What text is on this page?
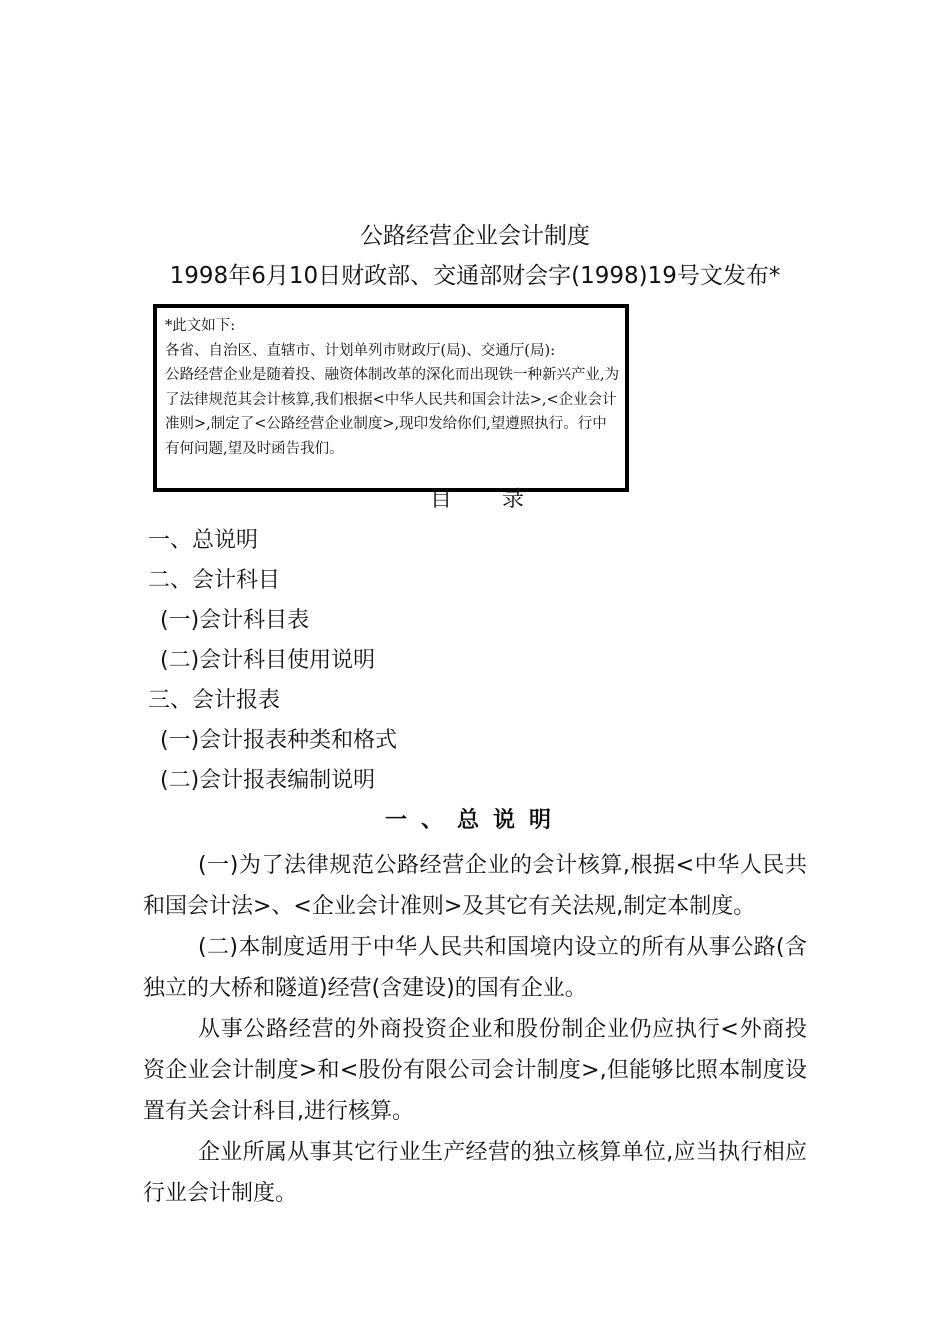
公路经营企业会计制度
1998年6月10日财政部、交通部财会字(1998)19号文发布*

*此文如下:

各省、自治区、直辖市、计划单列市财政厅(局)、交通厅(局):

公路经营企业是随着投、融资体制改革的深化而出现铁一种新兴产业,为了法律规范其会计核算,我们根据<中华人民共和国会计法>,<企业会计准则>,制定了<公路经营企业制度>,现印发给你们,望遵照执行。行中有何问题,望及时函告我们。

目录
一、总说明
二、会计科目
(一)会计科目表
(二)会计科目使用说明
三、会计报表
(一)会计报表种类和格式
(二)会计报表编制说明
一、总说明

(一)为了法律规范公路经营企业的会计核算,根据<中华人民共和国会计法>、<企业会计准则>及其它有关法规,制定本制度。

(二)本制度适用于中华人民共和国境内设立的所有从事公路(含独立的大桥和隧道)经营(含建设)的国有企业。

从事公路经营的外商投资企业和股份制企业仍应执行<外商投资企业会计制度>和<股份有限公司会计制度>,但能够比照本制度设置有关会计科目,进行核算。

企业所属从事其它行业生产经营的独立核算单位,应当执行相应行业会计制度。
